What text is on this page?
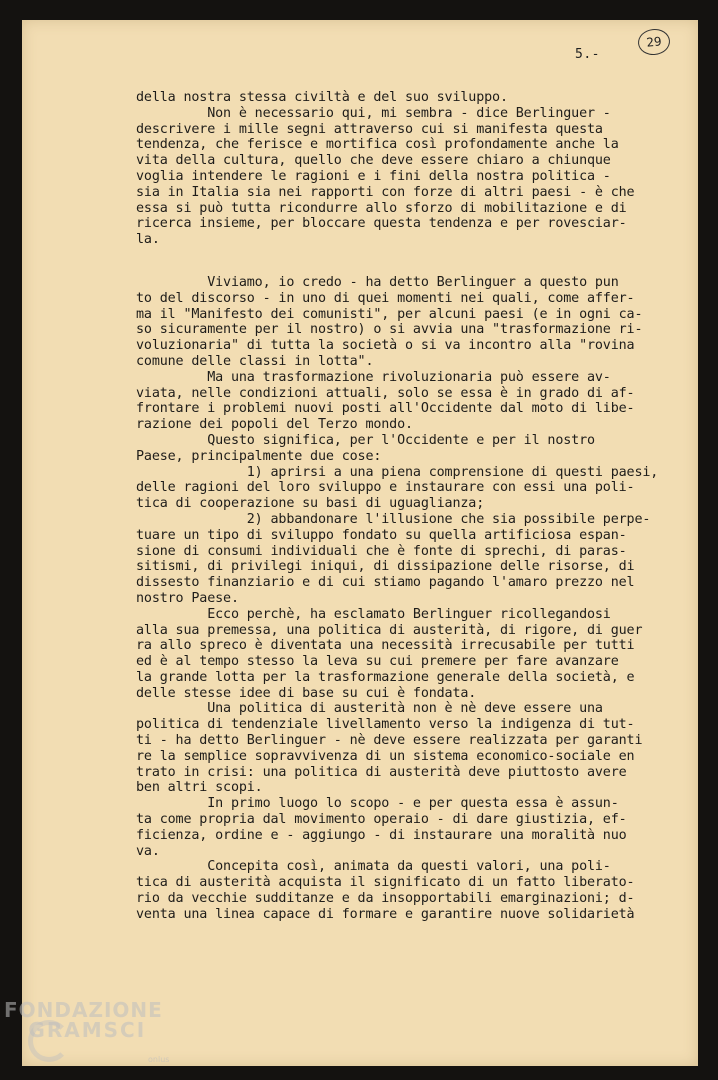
5.-
29
della nostra stessa civiltà e del suo sviluppo.
Non è necessario qui, mi sembra - dice Berlinguer -
descrivere i mille segni attraverso cui si manifesta questa
tendenza, che ferisce e mortifica così profondamente anche la
vita della cultura, quello che deve essere chiaro a chiunque
voglia intendere le ragioni e i fini della nostra politica -
sia in Italia sia nei rapporti con forze di altri paesi - è che
essa si può tutta ricondurre allo sforzo di mobilitazione e di
ricerca insieme, per bloccare questa tendenza e per rovesciar-
la.
Viviamo, io credo - ha detto Berlinguer a questo pun
to del discorso - in uno di quei momenti nei quali, come affer-
ma il "Manifesto dei comunisti", per alcuni paesi (e in ogni ca-
so sicuramente per il nostro) o si avvia una "trasformazione ri-
voluzionaria" di tutta la società o si va incontro alla "rovina
comune delle classi in lotta".
Ma una trasformazione rivoluzionaria può essere av-
viata, nelle condizioni attuali, solo se essa è in grado di af-
frontare i problemi nuovi posti all'Occidente dal moto di libe-
razione dei popoli del Terzo mondo.
Questo significa, per l'Occidente e per il nostro
Paese, principalmente due cose:
1) aprirsi a una piena comprensione di questi paesi,
delle ragioni del loro sviluppo e instaurare con essi una poli-
tica di cooperazione su basi di uguaglianza;
2) abbandonare l'illusione che sia possibile perpe-
tuare un tipo di sviluppo fondato su quella artificiosa espan-
sione di consumi individuali che è fonte di sprechi, di paras-
sitismi, di privilegi iniqui, di dissipazione delle risorse, di
dissesto finanziario e di cui stiamo pagando l'amaro prezzo nel
nostro Paese.
Ecco perchè, ha esclamato Berlinguer ricollegandosi
alla sua premessa, una politica di austerità, di rigore, di guer
ra allo spreco è diventata una necessità irrecusabile per tutti
ed è al tempo stesso la leva su cui premere per fare avanzare
la grande lotta per la trasformazione generale della società, e
delle stesse idee di base su cui è fondata.
Una politica di austerità non è nè deve essere una
politica di tendenziale livellamento verso la indigenza di tut-
ti - ha detto Berlinguer - nè deve essere realizzata per garanti
re la semplice sopravvivenza di un sistema economico-sociale en
trato in crisi: una politica di austerità deve piuttosto avere
ben altri scopi.
In primo luogo lo scopo - e per questa essa è assun-
ta come propria dal movimento operaio - di dare giustizia, ef-
ficienza, ordine e - aggiungo - di instaurare una moralità nuo
va.
Concepita così, animata da questi valori, una poli-
tica di austerità acquista il significato di un fatto liberato-
rio da vecchie sudditanze e da insopportabili emarginazioni; d-
venta una linea capace di formare e garantire nuove solidarietà
FONDAZIONE
GRAMSCI
onlus
